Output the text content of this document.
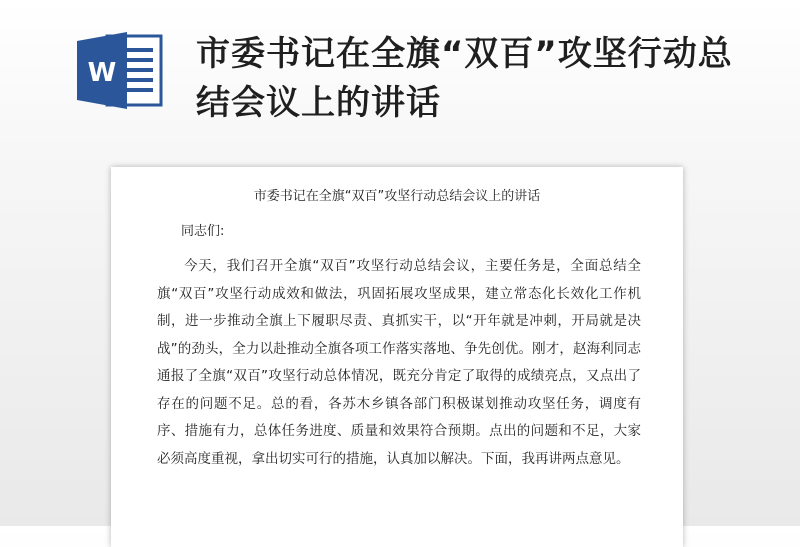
W 市委书记在全旗“双百”攻坚行动总结会议上的讲话
市委书记在全旗“双百”攻坚行动总结会议上的讲话
同志们:
今天，我们召开全旗“双百”攻坚行动总结会议，主要任务是，全面总结全旗“双百”攻坚行动成效和做法，巩固拓展攻坚成果，建立常态化长效化工作机制，进一步推动全旗上下履职尽责、真抓实干，以“开年就是冲刺，开局就是决战”的劲头，全力以赴推动全旗各项工作落实落地、争先创优。刚才，赵海利同志通报了全旗“双百”攻坚行动总体情况，既充分肯定了取得的成绩亮点，又点出了存在的问题不足。总的看，各苏木乡镇各部门积极谋划推动攻坚任务，调度有序、措施有力，总体任务进度、质量和效果符合预期。点出的问题和不足，大家必须高度重视，拿出切实可行的措施，认真加以解决。下面，我再讲两点意见。
